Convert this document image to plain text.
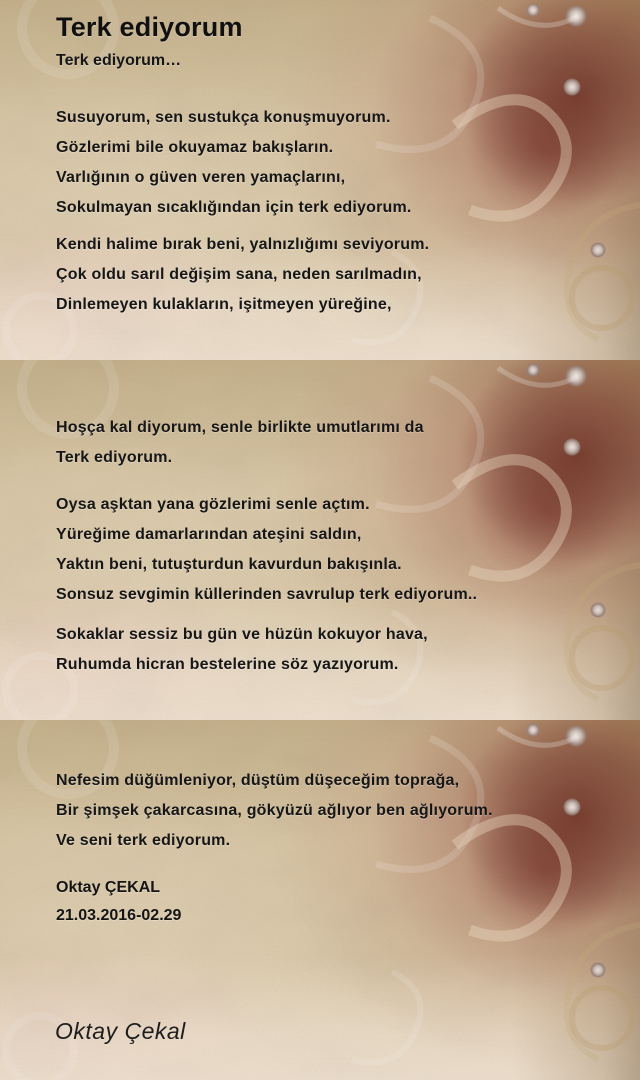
Terk ediyorum
Terk ediyorum…
Susuyorum, sen sustukça konuşmuyorum.
Gözlerimi bile okuyamaz bakışların.
Varlığının o güven veren yamaçlarını,
Sokulmayan sıcaklığından için terk ediyorum.
Kendi halime bırak beni, yalnızlığımı seviyorum.
Çok oldu sarıl değişim sana, neden sarılmadın,
Dinlemeyen kulakların, işitmeyen yüreğine,
Hoşça kal diyorum, senle birlikte umutlarımı da
Terk ediyorum.
Oysa aşktan yana gözlerimi senle açtım.
Yüreğime damarlarından ateşini saldın,
Yaktın beni, tutuşturdun kavurdun bakışınla.
Sonsuz sevgimin küllerinden savrulup terk ediyorum..
Sokaklar sessiz bu gün ve hüzün kokuyor hava,
Ruhumda hicran bestelerine söz yazıyorum.
Nefesim düğümleniyor, düştüm düşeceğim toprağa,
Bir şimşek çakarcasına, gökyüzü ağlıyor ben ağlıyorum.
Ve seni terk ediyorum.
Oktay ÇEKAL
21.03.2016-02.29
Oktay Çekal
